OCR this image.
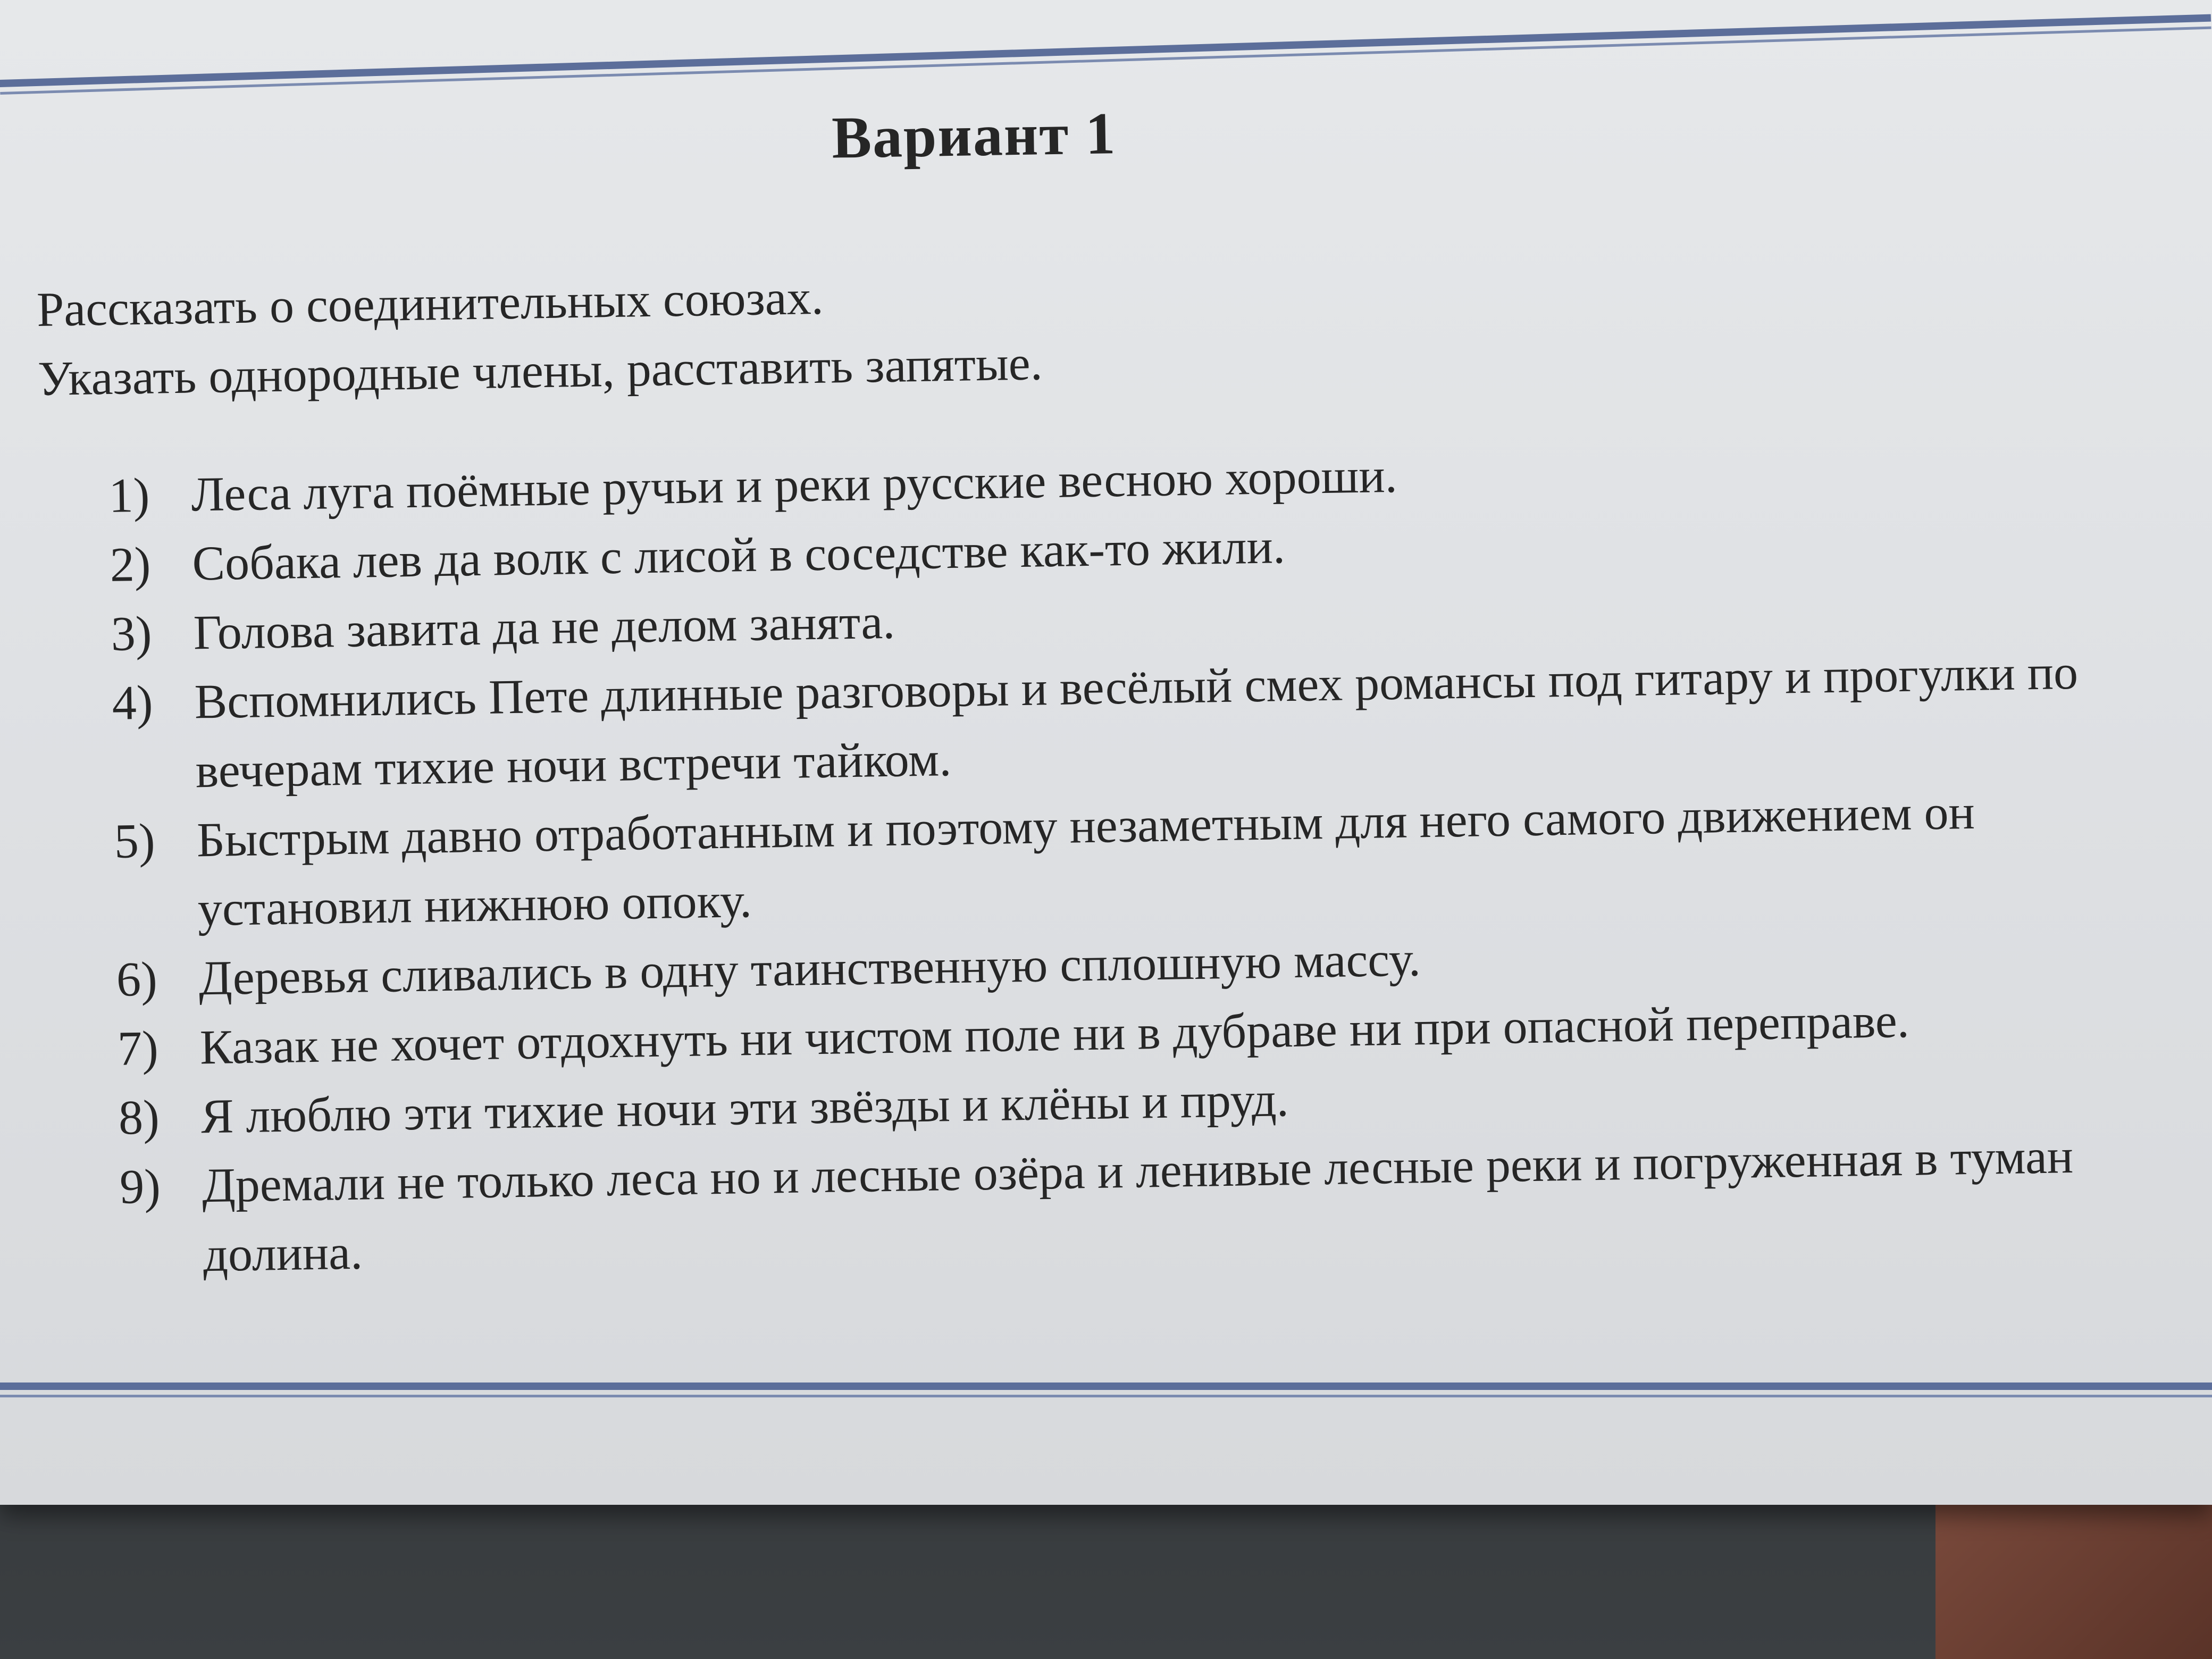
Вариант 1
Рассказать о соединительных союзах.
Указать однородные члены, расставить запятые.
1) Леса луга поёмные ручьи и реки русские весною хороши.
2) Собака лев да волк с лисой в соседстве как-то жили.
3) Голова завита да не делом занята.
4) Вспомнились Пете длинные разговоры и весёлый смех романсы под гитару и прогулки по вечерам тихие ночи встречи тайком.
5) Быстрым давно отработанным и поэтому незаметным для него самого движением он установил нижнюю опоку.
6) Деревья сливались в одну таинственную сплошную массу.
7) Казак не хочет отдохнуть ни чистом поле ни в дубраве ни при опасной переправе.
8) Я люблю эти тихие ночи эти звёзды и клёны и пруд.
9) Дремали не только леса но и лесные озёра и ленивые лесные реки и погруженная в туман долина.
